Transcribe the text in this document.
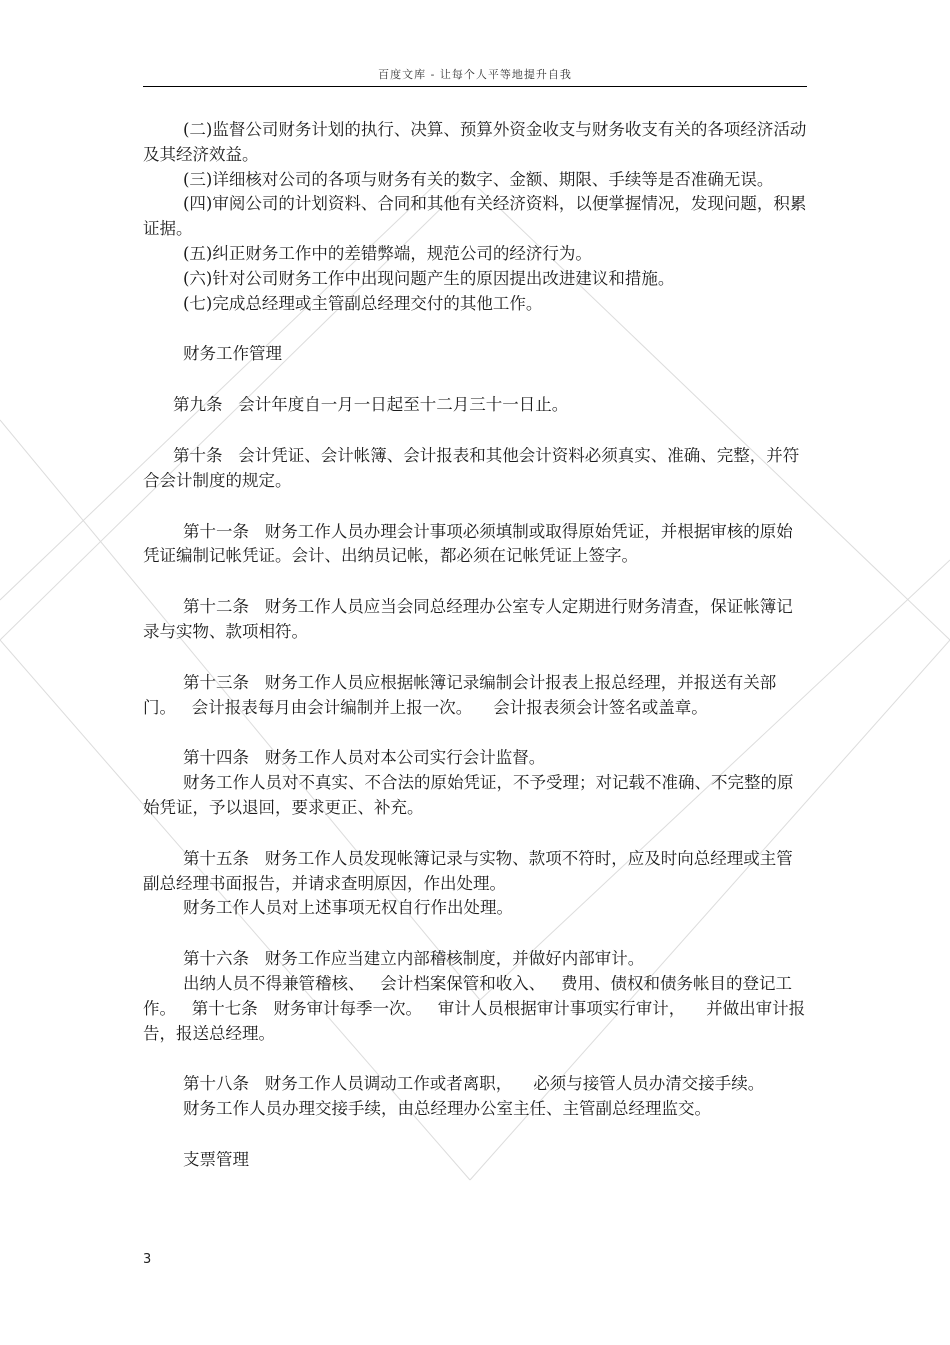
百度文库 - 让每个人平等地提升自我

(二)监督公司财务计划的执行、决算、预算外资金收支与财务收支有关的各项经济活动及其经济效益。

(三)详细核对公司的各项与财务有关的数字、金额、期限、手续等是否准确无误。

(四)审阅公司的计划资料、合同和其他有关经济资料，以便掌握情况，发现问题，积累证据。

(五)纠正财务工作中的差错弊端，规范公司的经济行为。

(六)针对公司财务工作中出现问题产生的原因提出改进建议和措施。

(七)完成总经理或主管副总经理交付的其他工作。

财务工作管理

第九条   会计年度自一月一日起至十二月三十一日止。

第十条   会计凭证、会计帐簿、会计报表和其他会计资料必须真实、准确、完整，并符合会计制度的规定。

第十一条   财务工作人员办理会计事项必须填制或取得原始凭证，并根据审核的原始凭证编制记帐凭证。会计、出纳员记帐，都必须在记帐凭证上签字。

第十二条   财务工作人员应当会同总经理办公室专人定期进行财务清查，保证帐簿记录与实物、款项相符。

第十三条   财务工作人员应根据帐簿记录编制会计报表上报总经理，并报送有关部门。   会计报表每月由会计编制并上报一次。    会计报表须会计签名或盖章。

第十四条   财务工作人员对本公司实行会计监督。

财务工作人员对不真实、不合法的原始凭证，不予受理；对记载不准确、不完整的原始凭证，予以退回，要求更正、补充。

第十五条   财务工作人员发现帐簿记录与实物、款项不符时，应及时向总经理或主管副总经理书面报告，并请求查明原因，作出处理。

财务工作人员对上述事项无权自行作出处理。

第十六条   财务工作应当建立内部稽核制度，并做好内部审计。

出纳人员不得兼管稽核、   会计档案保管和收入、   费用、债权和债务帐目的登记工作。   第十七条   财务审计每季一次。   审计人员根据审计事项实行审计，    并做出审计报告，报送总经理。

第十八条   财务工作人员调动工作或者离职，    必须与接管人员办清交接手续。

财务工作人员办理交接手续，由总经理办公室主任、主管副总经理监交。

支票管理

3
